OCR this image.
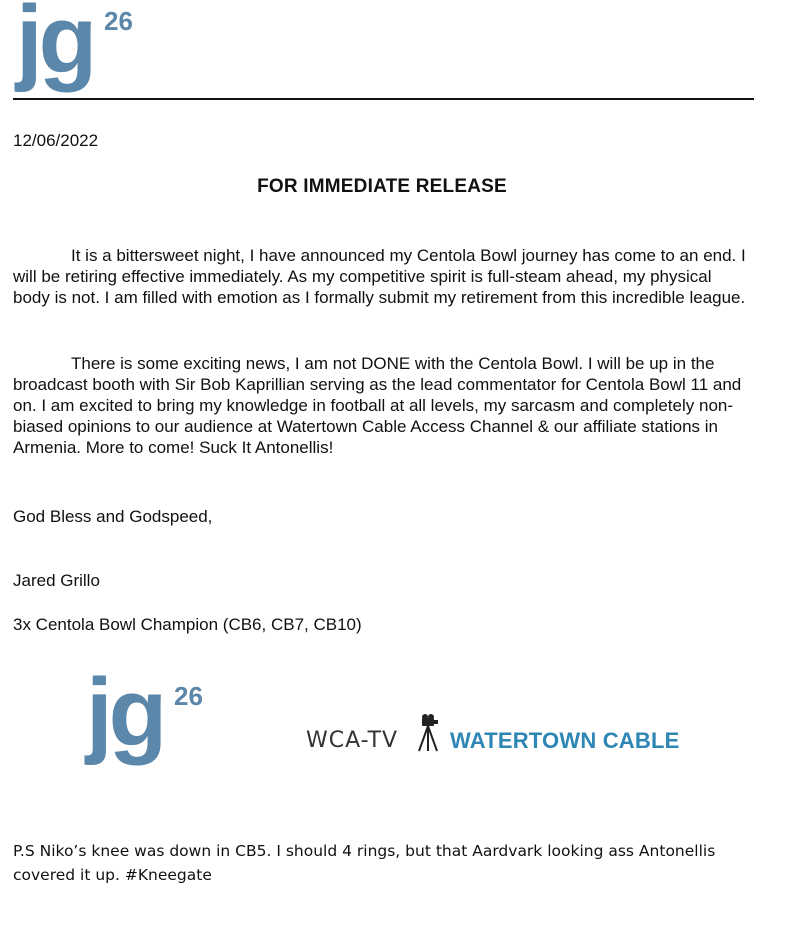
jg 26
12/06/2022
FOR IMMEDIATE RELEASE

It is a bittersweet night, I have announced my Centola Bowl journey has come to an end. I will be retiring effective immediately. As my competitive spirit is full-steam ahead, my physical body is not. I am filled with emotion as I formally submit my retirement from this incredible league.

There is some exciting news, I am not DONE with the Centola Bowl. I will be up in the broadcast booth with Sir Bob Kaprillian serving as the lead commentator for Centola Bowl 11 and on. I am excited to bring my knowledge in football at all levels, my sarcasm and completely non-biased opinions to our audience at Watertown Cable Access Channel & our affiliate stations in Armenia. More to come! Suck It Antonellis!

God Bless and Godspeed,
Jared Grillo
3x Centola Bowl Champion (CB6, CB7, CB10)
jg 26
WCA-TV WATERTOWN CABLE

P.S Niko’s knee was down in CB5. I should 4 rings, but that Aardvark looking ass Antonellis covered it up. #Kneegate
